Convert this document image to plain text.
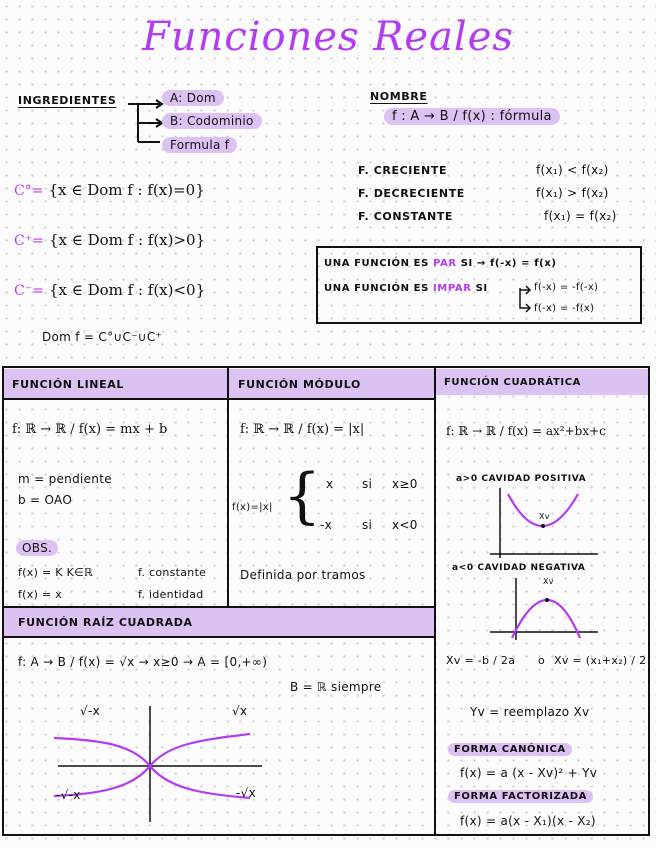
Funciones Reales
INGREDIENTES	A: Dom
B: Codominio
Formula f
C°= {x ∈ Dom f : f(x)=0}
C⁺= {x ∈ Dom f : f(x)>0}
C⁻= {x ∈ Dom f : f(x)<0}
Dom f = C°∪C⁻∪C⁺
NOMBRE
f : A → B / f(x) : fórmula
F. CRECIENTE	f(x₁) < f(x₂)
F. DECRECIENTE	f(x₁) > f(x₂)
F. CONSTANTE	f(x₁) = f(x₂)
UNA FUNCIÓN ES PAR SI → f(-x) = f(x)
UNA FUNCIÓN ES IMPAR SI	f(-x) = -f(-x)
f(-x) = -f(x)
FUNCIÓN LINEAL
f: ℝ → ℝ / f(x) = mx + b
m = pendiente
b = OAO
OBS.
f(x) = K K∈ℝ	f. constante
f(x) = x	f. identidad
FUNCIÓN MÓDULO
f: ℝ → ℝ / f(x) = |x|
f(x)=|x| { x si x≥0
-x si x<0
Definida por tramos
FUNCIÓN CUADRÁTICA
f: ℝ → ℝ / f(x) = ax²+bx+c
a>0 CAVIDAD POSITIVA
Xv
a<0 CAVIDAD NEGATIVA
Xv
Xv = -b / 2a o Xv = (x₁+x₂) / 2
Yv = reemplazo Xv
FORMA CANÓNICA
f(x) = a (x - Xv)² + Yv
FORMA FACTORIZADA
f(x) = a(x - X₁)(x - X₂)
FUNCIÓN RAÍZ CUADRADA
f: A → B / f(x) = √x → x≥0 → A = [0,+∞)
B = ℝ siempre
√-x	√x
-√-x	-√x
